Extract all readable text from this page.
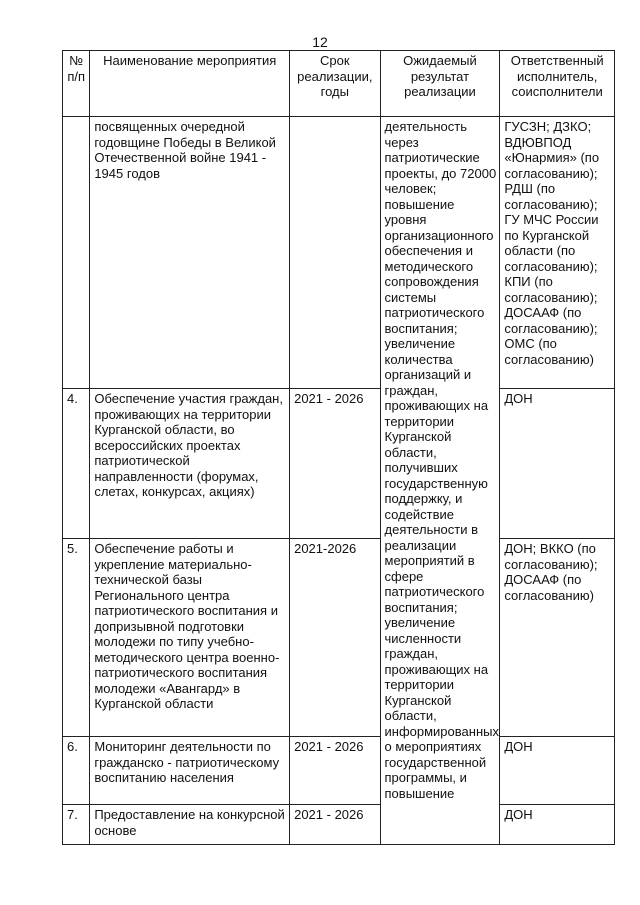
12
№ п/п	Наименование мероприятия	Срок реализации, годы	Ожидаемый результат реализации	Ответственный исполнитель, соисполнители
	посвященных очередной годовщине Победы в Великой Отечественной войне 1941 - 1945 годов		деятельность через патриотические проекты, до 72000 человек; повышение уровня организационного обеспечения и методического сопровождения системы патриотического воспитания; увеличение количества организаций и граждан, проживающих на территории Курганской области, получивших государственную поддержку, и содействие деятельности в реализации мероприятий в сфере патриотического воспитания; увеличение численности граждан, проживающих на территории Курганской области, информированных о мероприятиях государственной программы, и повышение	ГУСЗН; ДЗКО; ВДЮВПОД «Юнармия» (по согласованию); РДШ (по согласованию); ГУ МЧС России по Курганской области (по согласованию); КПИ (по согласованию); ДОСААФ (по согласованию); ОМС (по согласованию)
4.	Обеспечение участия граждан, проживающих на территории Курганской области, во всероссийских проектах патриотической направленности (форумах, слетах, конкурсах, акциях)	2021 - 2026		ДОН
5.	Обеспечение работы и укрепление материально-технической базы Регионального центра патриотического воспитания и допризывной подготовки молодежи по типу учебно-методического центра военно-патриотического воспитания молодежи «Авангард» в Курганской области	2021-2026		ДОН; ВККО (по согласованию); ДОСААФ (по согласованию)
6.	Мониторинг деятельности по гражданско - патриотическому воспитанию населения	2021 - 2026		ДОН
7.	Предоставление на конкурсной основе	2021 - 2026		ДОН
